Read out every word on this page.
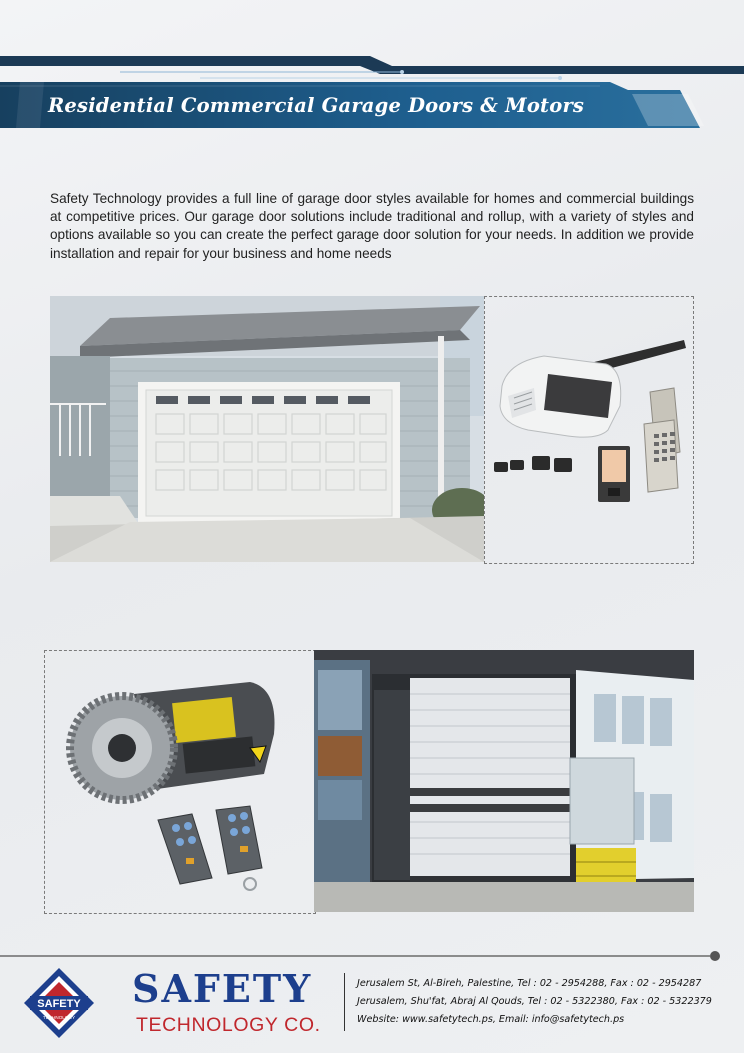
Residential Commercial Garage Doors & Motors
Safety Technology provides a full line of garage door styles available for homes and commercial buildings at competitive prices. Our garage door solutions include traditional and rollup, with a variety of styles and options available so you can create the perfect garage door solution for your needs. In addition we provide installation and repair for your business and home needs
SAFETY
TECHNOLOGY
SAFETY
TECHNOLOGY CO.
Jerusalem St, Al-Bireh, Palestine, Tel : 02 - 2954288, Fax : 02 - 2954287
Jerusalem, Shu'fat, Abraj Al Qouds, Tel : 02 - 5322380, Fax : 02 - 5322379
Website: www.safetytech.ps, Email: info@safetytech.ps
